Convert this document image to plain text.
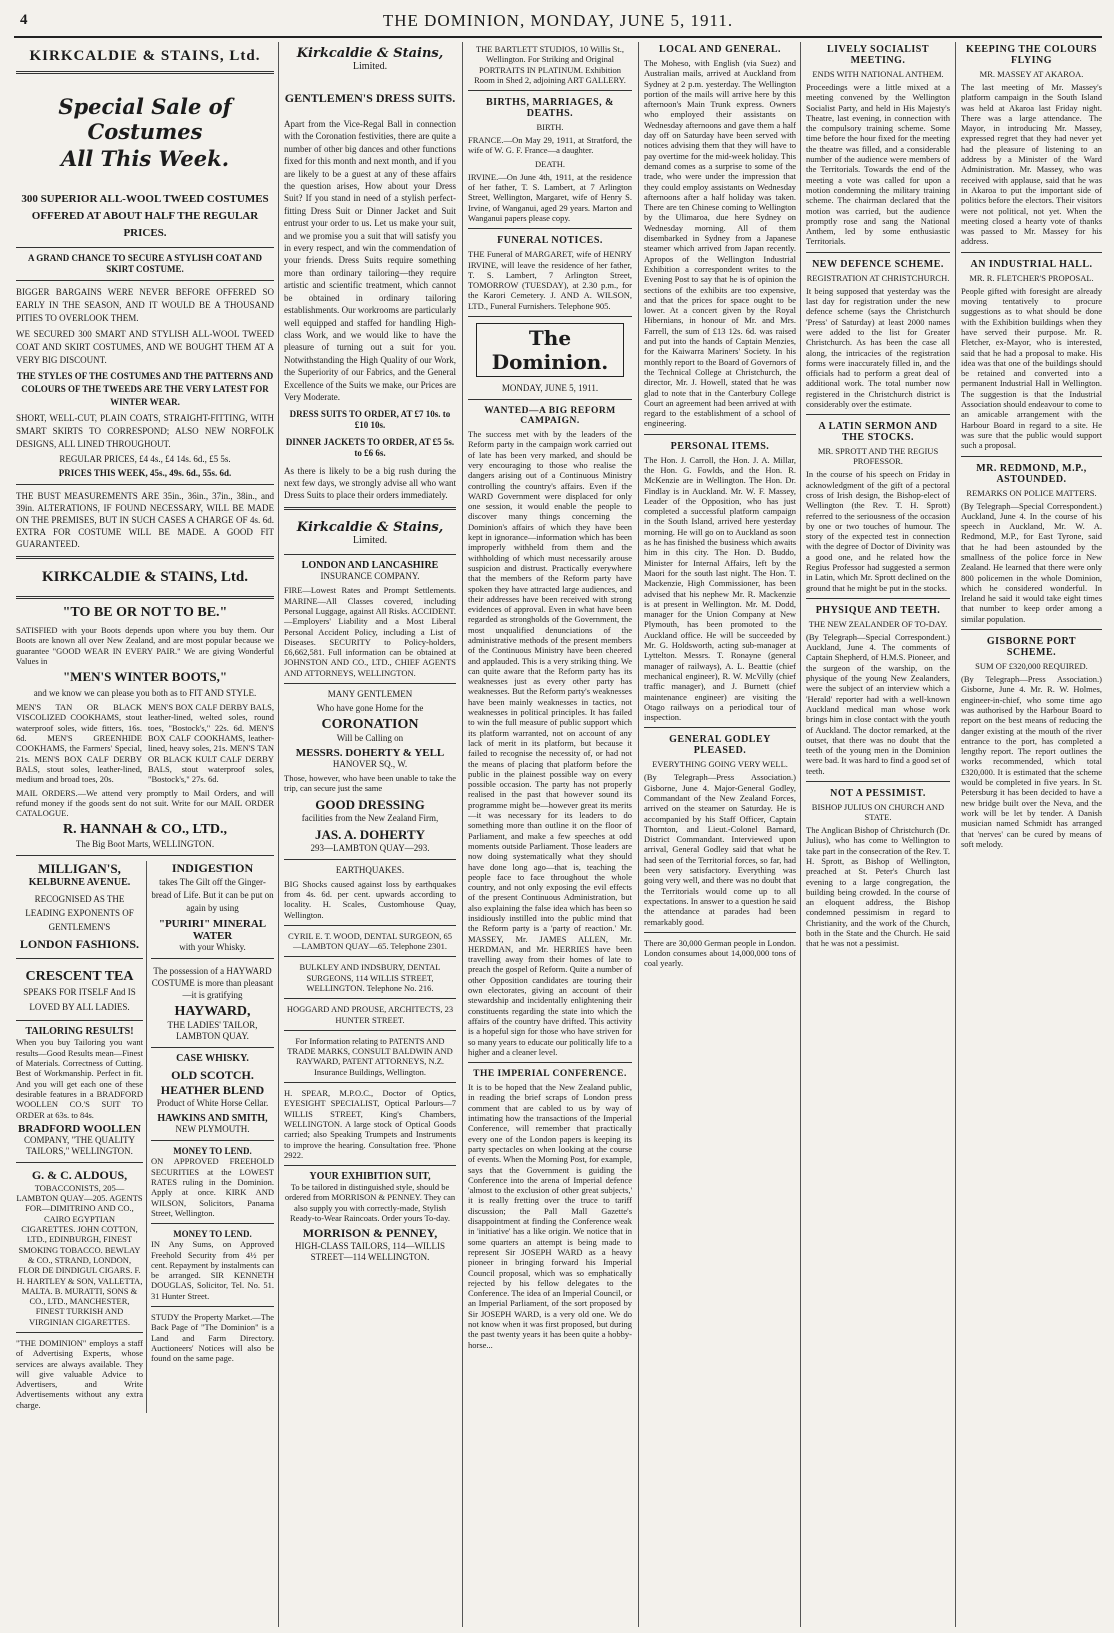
4	THE DOMINION, MONDAY, JUNE 5, 1911.
KIRKCALDIE & STAINS, Ltd.
Special Sale of Costumes
All This Week.

300 SUPERIOR ALL-WOOL TWEED COSTUMES OFFERED AT ABOUT HALF THE REGULAR PRICES.

A GRAND CHANCE TO SECURE A STYLISH COAT AND SKIRT COSTUME.

BIGGER BARGAINS WERE NEVER BEFORE OFFERED SO EARLY IN THE SEASON, AND IT WOULD BE A THOUSAND PITIES TO OVERLOOK THEM.

WE SECURED 300 SMART AND STYLISH ALL-WOOL TWEED COAT AND SKIRT COSTUMES, AND WE BOUGHT THEM AT A VERY BIG DISCOUNT.

THE STYLES OF THE COSTUMES AND THE PATTERNS AND COLOURS OF THE TWEEDS ARE THE VERY LATEST FOR WINTER WEAR.

SHORT, WELL-CUT, PLAIN COATS, STRAIGHT-FITTING, WITH SMART SKIRTS TO CORRESPOND; ALSO NEW NORFOLK DESIGNS, ALL LINED THROUGHOUT.

REGULAR PRICES, £4 4s., £4 14s. 6d., £5 5s.

PRICES THIS WEEK, 45s., 49s. 6d., 55s. 6d.

THE BUST MEASUREMENTS ARE 35in., 36in., 37in., 38in., and 39in. ALTERATIONS, IF FOUND NECESSARY, WILL BE MADE ON THE PREMISES, BUT IN SUCH CASES A CHARGE OF 4s. 6d. EXTRA FOR COSTUME WILL BE MADE. A GOOD FIT GUARANTEED.

KIRKCALDIE & STAINS, Ltd.
"TO BE OR NOT TO BE."

SATISFIED with your Boots depends upon where you buy them. Our Boots are known all over New Zealand, and are most popular because we guarantee "GOOD WEAR IN EVERY PAIR." We are giving Wonderful Values in

"MEN'S WINTER BOOTS,"

and we know we can please you both as to FIT AND STYLE.

MEN'S TAN OR BLACK VISCOLIZED COOKHAMS, stout waterproof soles, wide fitters, 16s. 6d. MEN'S GREENHIDE COOKHAMS, the Farmers' Special, 21s. MEN'S BOX CALF DERBY BALS, stout soles, leather-lined, medium and broad toes, 20s.

MEN'S BOX CALF DERBY BALS, leather-lined, welted soles, round toes, "Bostock's," 22s. 6d. MEN'S BOX CALF COOKHAMS, leather-lined, heavy soles, 21s. MEN'S TAN OR BLACK KULT CALF DERBY BALS, stout waterproof soles, "Bostock's," 27s. 6d.

MAIL ORDERS.—We attend very promptly to Mail Orders, and will refund money if the goods sent do not suit. Write for our MAIL ORDER CATALOGUE.

R. HANNAH & CO., LTD.,

The Big Boot Marts, WELLINGTON.

MILLIGAN'S,
KELBURNE AVENUE.

RECOGNISED AS THE LEADING EXPONENTS OF GENTLEMEN'S

LONDON FASHIONS.
CRESCENT TEA

SPEAKS FOR ITSELF And IS LOVED BY ALL LADIES.

TAILORING RESULTS!

When you buy Tailoring you want results—Good Results mean—Finest of Materials. Correctness of Cutting. Best of Workmanship. Perfect in fit. And you will get each one of these desirable features in a BRADFORD WOOLLEN CO.'S SUIT TO ORDER at 63s. to 84s.

BRADFORD WOOLLEN

COMPANY, "THE QUALITY TAILORS," WELLINGTON.

G. & C. ALDOUS,

TOBACCONISTS, 205—LAMBTON QUAY—205. AGENTS FOR—DIMITRINO AND CO., CAIRO EGYPTIAN CIGARETTES. JOHN COTTON, LTD., EDINBURGH, FINEST SMOKING TOBACCO. BEWLAY & CO., STRAND, LONDON, FLOR DE DINDIGUL CIGARS. F. H. HARTLEY & SON, VALLETTA, MALTA. B. MURATTI, SONS & CO., LTD., MANCHESTER, FINEST TURKISH AND VIRGINIAN CIGARETTES.

"THE DOMINION" employs a staff of Advertising Experts, whose services are always available. They will give valuable Advice to Advertisers, and Write Advertisements without any extra charge.

INDIGESTION

takes The Gilt off the Ginger-bread of Life. But it can be put on again by using

"PURIRI" MINERAL WATER

with your Whisky.

The possession of a HAYWARD COSTUME is more than pleasant—it is gratifying

HAYWARD,

THE LADIES' TAILOR, LAMBTON QUAY.

CASE WHISKY.
OLD SCOTCH.
HEATHER BLEND

Product of White Horse Cellar.

HAWKINS AND SMITH,

NEW PLYMOUTH.

MONEY TO LEND.

ON APPROVED FREEHOLD SECURITIES at the LOWEST RATES ruling in the Dominion. Apply at once. KIRK AND WILSON, Solicitors, Panama Street, Wellington.

MONEY TO LEND.

IN Any Sums, on Approved Freehold Security from 4½ per cent. Repayment by instalments can be arranged. SIR KENNETH DOUGLAS, Solicitor, Tel. No. 51. 31 Hunter Street.

STUDY the Property Market.—The Back Page of "The Dominion" is a Land and Farm Directory. Auctioneers' Notices will also be found on the same page.

Kirkcaldie & Stains,
Limited.
GENTLEMEN'S DRESS SUITS.

Apart from the Vice-Regal Ball in connection with the Coronation festivities, there are quite a number of other big dances and other functions fixed for this month and next month, and if you are likely to be a guest at any of these affairs the question arises, How about your Dress Suit? If you stand in need of a stylish perfect-fitting Dress Suit or Dinner Jacket and Suit entrust your order to us. Let us make your suit, and we promise you a suit that will satisfy you in every respect, and win the commendation of your friends. Dress Suits require something more than ordinary tailoring—they require artistic and scientific treatment, which cannot be obtained in ordinary tailoring establishments. Our workrooms are particularly well equipped and staffed for handling High-class Work, and we would like to have the pleasure of turning out a suit for you. Notwithstanding the High Quality of our Work, the Superiority of our Fabrics, and the General Excellence of the Suits we make, our Prices are Very Moderate.

DRESS SUITS TO ORDER, AT £7 10s. to £10 10s.

DINNER JACKETS TO ORDER, AT £5 5s. to £6 6s.

As there is likely to be a big rush during the next few days, we strongly advise all who want Dress Suits to place their orders immediately.

Kirkcaldie & Stains,
Limited.
LONDON AND LANCASHIRE

INSURANCE COMPANY.

FIRE—Lowest Rates and Prompt Settlements. MARINE—All Classes covered, including Personal Luggage, against All Risks. ACCIDENT.—Employers' Liability and a Most Liberal Personal Accident Policy, including a List of Diseases. SECURITY to Policy-holders, £6,662,581. Full information can be obtained at JOHNSTON AND CO., LTD., CHIEF AGENTS AND ATTORNEYS, WELLINGTON.

MANY GENTLEMEN

Who have gone Home for the

CORONATION

Will be Calling on

MESSRS. DOHERTY & YELL

HANOVER SQ., W.

Those, however, who have been unable to take the trip, can secure just the same

GOOD DRESSING

facilities from the New Zealand Firm,

JAS. A. DOHERTY

293—LAMBTON QUAY—293.

EARTHQUAKES.

BIG Shocks caused against loss by earthquakes from 4s. 6d. per cent. upwards according to locality. H. Scales, Customhouse Quay, Wellington.

CYRIL E. T. WOOD, DENTAL SURGEON, 65—LAMBTON QUAY—65. Telephone 2301.

BULKLEY AND INDSBURY, DENTAL SURGEONS, 114 WILLIS STREET, WELLINGTON. Telephone No. 216.

HOGGARD AND PROUSE, ARCHITECTS, 23 HUNTER STREET.

For Information relating to PATENTS AND TRADE MARKS, CONSULT BALDWIN AND RAYWARD, PATENT ATTORNEYS, N.Z. Insurance Buildings, Wellington.

H. SPEAR, M.P.O.C., Doctor of Optics, EYESIGHT SPECIALIST, Optical Parlours—7 WILLIS STREET, King's Chambers, WELLINGTON. A large stock of Optical Goods carried; also Speaking Trumpets and Instruments to improve the hearing. Consultation free. 'Phone 2922.

YOUR EXHIBITION SUIT,

To be tailored in distinguished style, should be ordered from MORRISON & PENNEY. They can also supply you with correctly-made, Stylish Ready-to-Wear Raincoats. Order yours To-day.

MORRISON & PENNEY,

HIGH-CLASS TAILORS, 114—WILLIS STREET—114 WELLINGTON.

THE BARTLETT STUDIOS, 10 Willis St., Wellington. For Striking and Original PORTRAITS IN PLATINUM. Exhibition Room in Shed 2, adjoining ART GALLERY.

BIRTHS, MARRIAGES, & DEATHS.
BIRTH.

FRANCE.—On May 29, 1911, at Stratford, the wife of W. G. F. France—a daughter.

DEATH.

IRVINE.—On June 4th, 1911, at the residence of her father, T. S. Lambert, at 7 Arlington Street, Wellington, Margaret, wife of Henry S. Irvine, of Wanganui, aged 29 years. Marton and Wanganui papers please copy.

FUNERAL NOTICES.

THE Funeral of MARGARET, wife of HENRY IRVINE, will leave the residence of her father, T. S. Lambert, 7 Arlington Street, TOMORROW (TUESDAY), at 2.30 p.m., for the Karori Cemetery. J. AND A. WILSON, LTD., Funeral Furnishers. Telephone 905.

The Dominion.

MONDAY, JUNE 5, 1911.

WANTED—A BIG REFORM CAMPAIGN.

The success met with by the leaders of the Reform party in the campaign work carried out of late has been very marked, and should be very encouraging to those who realise the dangers arising out of a Continuous Ministry controlling the country's affairs. Even if the WARD Government were displaced for only one session, it would enable the people to discover many things concerning the Dominion's affairs of which they have been kept in ignorance—information which has been improperly withheld from them and the withholding of which must necessarily arouse suspicion and distrust. Practically everywhere that the members of the Reform party have spoken they have attracted large audiences, and their addresses have been received with strong evidences of approval. Even in what have been regarded as strongholds of the Government, the most unqualified denunciations of the administrative methods of the present members of the Continuous Ministry have been cheered and applauded. This is a very striking thing. We can quite aware that the Reform party has its weaknesses just as every other party has weaknesses. But the Reform party's weaknesses have been mainly weaknesses in tactics, not weaknesses in political principles. It has failed to win the full measure of public support which its platform warranted, not on account of any lack of merit in its platform, but because it failed to recognise the necessity of, or had not the means of placing that platform before the public in the plainest possible way on every possible occasion. The party has not properly realised in the past that however sound its programme might be—however great its merits—it was necessary for its leaders to do something more than outline it on the floor of Parliament, and make a few speeches at odd moments outside Parliament. Those leaders are now doing systematically what they should have done long ago—that is, teaching the people face to face throughout the whole country, and not only exposing the evil effects of the present Continuous Administration, but also explaining the false idea which has been so insidiously instilled into the public mind that the Reform party is a 'party of reaction.' Mr. MASSEY, Mr. JAMES ALLEN, Mr. HERDMAN, and Mr. HERRIES have been travelling away from their homes of late to preach the gospel of Reform. Quite a number of other Opposition candidates are touring their own electorates, giving an account of their stewardship and incidentally enlightening their constituents regarding the state into which the affairs of the country have drifted. This activity is a hopeful sign for those who have striven for so many years to educate our politically life to a higher and a cleaner level.

THE IMPERIAL CONFERENCE.

It is to be hoped that the New Zealand public, in reading the brief scraps of London press comment that are cabled to us by way of intimating how the transactions of the Imperial Conference, will remember that practically every one of the London papers is keeping its party spectacles on when looking at the course of events. When the Morning Post, for example, says that the Government is guiding the Conference into the arena of Imperial defence 'almost to the exclusion of other great subjects,' it is really fretting over the truce to tariff discussion; the Pall Mall Gazette's disappointment at finding the Conference weak in 'initiative' has a like origin. We notice that in some quarters an attempt is being made to represent Sir JOSEPH WARD as a heavy pioneer in bringing forward his Imperial Council proposal, which was so emphatically rejected by his fellow delegates to the Conference. The idea of an Imperial Council, or an Imperial Parliament, of the sort proposed by Sir JOSEPH WARD, is a very old one. We do not know when it was first proposed, but during the past twenty years it has been quite a hobby-horse...

LOCAL AND GENERAL.

The Moheso, with English (via Suez) and Australian mails, arrived at Auckland from Sydney at 2 p.m. yesterday. The Wellington portion of the mails will arrive here by this afternoon's Main Trunk express. Owners who employed their assistants on Wednesday afternoons and gave them a half day off on Saturday have been served with notices advising them that they will have to pay overtime for the mid-week holiday. This demand comes as a surprise to some of the trade, who were under the impression that they could employ assistants on Wednesday afternoons after a half holiday was taken. There are ten Chinese coming to Wellington by the Ulimaroa, due here Sydney on Wednesday morning. All of them disembarked in Sydney from a Japanese steamer which arrived from Japan recently. Apropos of the Wellington Industrial Exhibition a correspondent writes to the Evening Post to say that he is of opinion the sections of the exhibits are too expensive, and that the prices for space ought to be lower. At a concert given by the Royal Hibernians, in honour of Mr. and Mrs. Farrell, the sum of £13 12s. 6d. was raised and put into the hands of Captain Menzies, for the Kaiwarra Mariners' Society. In his monthly report to the Board of Governors of the Technical College at Christchurch, the director, Mr. J. Howell, stated that he was glad to note that in the Canterbury College Court an agreement had been arrived at with regard to the establishment of a school of engineering.

PERSONAL ITEMS.

The Hon. J. Carroll, the Hon. J. A. Millar, the Hon. G. Fowlds, and the Hon. R. McKenzie are in Wellington. The Hon. Dr. Findlay is in Auckland. Mr. W. F. Massey, Leader of the Opposition, who has just completed a successful platform campaign in the South Island, arrived here yesterday morning. He will go on to Auckland as soon as he has finished the business which awaits him in this city. The Hon. D. Buddo, Minister for Internal Affairs, left by the Maori for the south last night. The Hon. T. Mackenzie, High Commissioner, has been advised that his nephew Mr. R. Mackenzie is at present in Wellington. Mr. M. Dodd, manager for the Union Company at New Plymouth, has been promoted to the Auckland office. He will be succeeded by Mr. G. Holdsworth, acting sub-manager at Lyttelton. Messrs. T. Ronayne (general manager of railways), A. L. Beattie (chief mechanical engineer), R. W. McVilly (chief traffic manager), and J. Burnett (chief maintenance engineer) are visiting the Otago railways on a periodical tour of inspection.

GENERAL GODLEY PLEASED.
EVERYTHING GOING VERY WELL.

(By Telegraph—Press Association.) Gisborne, June 4. Major-General Godley, Commandant of the New Zealand Forces, arrived on the steamer on Saturday. He is accompanied by his Staff Officer, Captain Thornton, and Lieut.-Colonel Barnard, District Commandant. Interviewed upon arrival, General Godley said that what he had seen of the Territorial forces, so far, had been very satisfactory. Everything was going very well, and there was no doubt that the Territorials would come up to all expectations. In answer to a question he said the attendance at parades had been remarkably good.

There are 30,000 German people in London. London consumes about 14,000,000 tons of coal yearly.

LIVELY SOCIALIST MEETING.
ENDS WITH NATIONAL ANTHEM.

Proceedings were a little mixed at a meeting convened by the Wellington Socialist Party, and held in His Majesty's Theatre, last evening, in connection with the compulsory training scheme. Some time before the hour fixed for the meeting the theatre was filled, and a considerable number of the audience were members of the Territorials. Towards the end of the meeting a vote was called for upon a motion condemning the military training scheme. The chairman declared that the motion was carried, but the audience promptly rose and sang the National Anthem, led by some enthusiastic Territorials.

NEW DEFENCE SCHEME.
REGISTRATION AT CHRISTCHURCH.

It being supposed that yesterday was the last day for registration under the new defence scheme (says the Christchurch 'Press' of Saturday) at least 2000 names were added to the list for Greater Christchurch. As has been the case all along, the intricacies of the registration forms were inaccurately filled in, and the officials had to perform a great deal of additional work. The total number now registered in the Christchurch district is considerably over the estimate.

A LATIN SERMON AND THE STOCKS.
MR. SPROTT AND THE REGIUS PROFESSOR.

In the course of his speech on Friday in acknowledgment of the gift of a pectoral cross of Irish design, the Bishop-elect of Wellington (the Rev. T. H. Sprott) referred to the seriousness of the occasion by one or two touches of humour. The story of the expected test in connection with the degree of Doctor of Divinity was a good one, and he related how the Regius Professor had suggested a sermon in Latin, which Mr. Sprott declined on the ground that he might be put in the stocks.

PHYSIQUE AND TEETH.
THE NEW ZEALANDER OF TO-DAY.

(By Telegraph—Special Correspondent.) Auckland, June 4. The comments of Captain Shepherd, of H.M.S. Pioneer, and the surgeon of the warship, on the physique of the young New Zealanders, were the subject of an interview which a 'Herald' reporter had with a well-known Auckland medical man whose work brings him in close contact with the youth of Auckland. The doctor remarked, at the outset, that there was no doubt that the teeth of the young men in the Dominion were bad. It was hard to find a good set of teeth.

NOT A PESSIMIST.
BISHOP JULIUS ON CHURCH AND STATE.

The Anglican Bishop of Christchurch (Dr. Julius), who has come to Wellington to take part in the consecration of the Rev. T. H. Sprott, as Bishop of Wellington, preached at St. Peter's Church last evening to a large congregation, the building being crowded. In the course of an eloquent address, the Bishop condemned pessimism in regard to Christianity, and the work of the Church, both in the State and the Church. He said that he was not a pessimist.

KEEPING THE COLOURS FLYING
MR. MASSEY AT AKAROA.

The last meeting of Mr. Massey's platform campaign in the South Island was held at Akaroa last Friday night. There was a large attendance. The Mayor, in introducing Mr. Massey, expressed regret that they had never yet had the pleasure of listening to an address by a Minister of the Ward Administration. Mr. Massey, who was received with applause, said that he was in Akaroa to put the important side of politics before the electors. Their visitors were not political, not yet. When the meeting closed a hearty vote of thanks was passed to Mr. Massey for his address.

AN INDUSTRIAL HALL.
MR. R. FLETCHER'S PROPOSAL.

People gifted with foresight are already moving tentatively to procure suggestions as to what should be done with the Exhibition buildings when they have served their purpose. Mr. R. Fletcher, ex-Mayor, who is interested, said that he had a proposal to make. His idea was that one of the buildings should be retained and converted into a permanent Industrial Hall in Wellington. The suggestion is that the Industrial Association should endeavour to come to an amicable arrangement with the Harbour Board in regard to a site. He was sure that the public would support such a proposal.

MR. REDMOND, M.P., ASTOUNDED.
REMARKS ON POLICE MATTERS.

(By Telegraph—Special Correspondent.) Auckland, June 4. In the course of his speech in Auckland, Mr. W. A. Redmond, M.P., for East Tyrone, said that he had been astounded by the smallness of the police force in New Zealand. He learned that there were only 800 policemen in the whole Dominion, which he considered wonderful. In Ireland he said it would take eight times that number to keep order among a similar population.

GISBORNE PORT SCHEME.
SUM OF £320,000 REQUIRED.

(By Telegraph—Press Association.) Gisborne, June 4. Mr. R. W. Holmes, engineer-in-chief, who some time ago was authorised by the Harbour Board to report on the best means of reducing the danger existing at the mouth of the river entrance to the port, has completed a lengthy report. The report outlines the works recommended, which total £320,000. It is estimated that the scheme would be completed in five years. In St. Petersburg it has been decided to have a new bridge built over the Neva, and the work will be let by tender. A Danish musician named Schmidt has arranged that 'nerves' can be cured by means of soft melody.
